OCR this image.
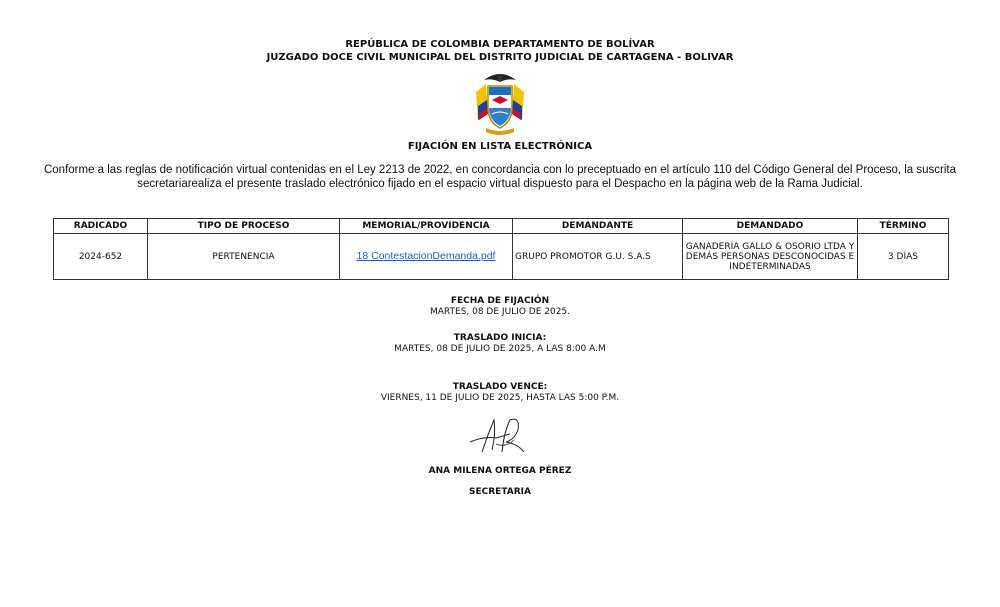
REPÚBLICA DE COLOMBIA DEPARTAMENTO DE BOLÍVAR
JUZGADO DOCE CIVIL MUNICIPAL DEL DISTRITO JUDICIAL DE CARTAGENA - BOLIVAR
FIJACIÓN EN LISTA ELECTRÓNICA
Conforme a las reglas de notificación virtual contenidas en el Ley 2213 de 2022, en concordancia con lo preceptuado en el artículo 110 del Código General del Proceso, la suscrita secretariarealiza el presente traslado electrónico fijado en el espacio virtual dispuesto para el Despacho en la página web de la Rama Judicial.
RADICADO	TIPO DE PROCESO	MEMORIAL/PROVIDENCIA	DEMANDANTE	DEMANDADO	TÉRMINO
2024-652	PERTENENCIA	18 ContestacionDemanda.pdf	GRUPO PROMOTOR G.U. S.A.S	GANADERÍA GALLO & OSORIO LTDA Y DEMÁS PERSONAS DESCONOCIDAS E INDETERMINADAS	3 DÍAS
FECHA DE FIJACIÓN
MARTES, 08 DE JULIO DE 2025.
TRASLADO INICIA:
MARTES, 08 DE JULIO DE 2025, A LAS 8:00 A.M
TRASLADO VENCE:
VIERNES, 11 DE JULIO DE 2025, HASTA LAS 5:00 P.M.
ANA MILENA ORTEGA PÉREZ
SECRETARIA
